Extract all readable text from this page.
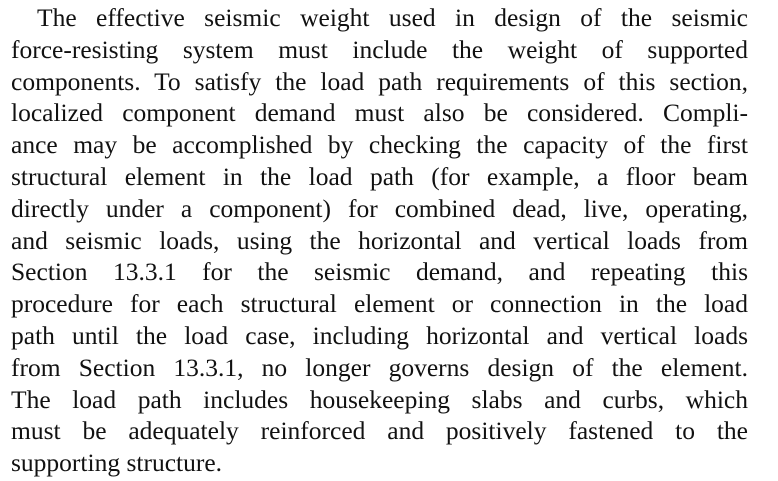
The effective seismic weight used in design of the seismic
force-resisting system must include the weight of supported
components. To satisfy the load path requirements of this section,
localized component demand must also be considered. Compli-
ance may be accomplished by checking the capacity of the first
structural element in the load path (for example, a floor beam
directly under a component) for combined dead, live, operating,
and seismic loads, using the horizontal and vertical loads from
Section 13.3.1 for the seismic demand, and repeating this
procedure for each structural element or connection in the load
path until the load case, including horizontal and vertical loads
from Section 13.3.1, no longer governs design of the element.
The load path includes housekeeping slabs and curbs, which
must be adequately reinforced and positively fastened to the
supporting structure.
